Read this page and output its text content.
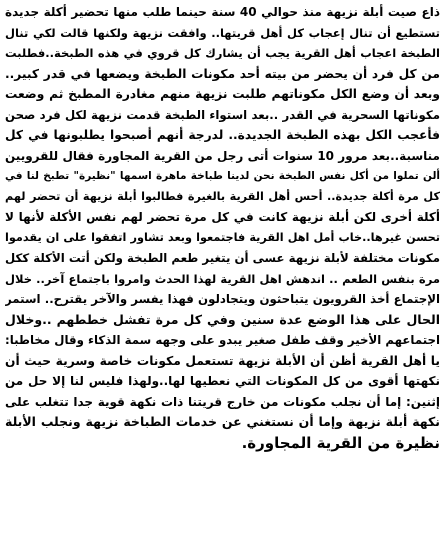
ذاع صيت أبلة نزيهة منذ حوالي 40 سنة حينما طلب منها تحضير أكلة جديدة
تستطيع أن تنال إعجاب كل أهل قريتها.. وافقت نزيهة ولكنها قالت لكي تنال
الطبخة اعجاب أهل القرية يجب أن يشارك كل قروي في هذه الطبخة..فطلبت
من كل فرد أن يحضر من بيته أحد مكونات الطبخة ويضعها في قدر كبير..
وبعد أن وضع الكل مكوناتهم طلبت نزيهة منهم مغادرة المطبخ ثم وضعت
مكوناتها السحرية في القدر ..بعد استواء الطبخة قدمت نزيهة لكل فرد صحن
فأعجب الكل بهذه الطبخة الجديدة.. لدرجة أنهم أصبحوا يطلبونها في كل
مناسبة..بعد مرور 10 سنوات أتى رجل من القرية المجاورة فقال للقرويين
ألن تملوا من أكل نفس الطبخة نحن لدينا طباخة ماهرة اسمها "نظيرة" تطبخ لنا في
كل مرة أكلة جديدة.. أحس أهل القرية بالغيرة فطالبوا أبلة نزيهة أن تحضر لهم
أكلة أخرى لكن أبلة نزيهة كانت في كل مرة تحضر لهم نفس الأكلة لأنها لا
تحسن غيرها..خاب أمل اهل القرية فاجتمعوا وبعد تشاور اتفقوا على ان يقدموا
مكونات مختلفة لأبلة نزيهة عسى أن يتغير طعم الطبخة ولكن أتت الأكلة ككل
مرة بنفس الطعم .. اندهش اهل القرية لهذا الحدث وامروا باجتماع آخر.. خلال
الإجتماع أخذ القرويون يتباحثون ويتجادلون فهذا يفسر والآخر يقترح.. استمر
الحال على هذا الوضع عدة سنين وفي كل مرة تفشل خططهم ..وخلال
اجتماعهم الأخير وقف طفل صغير يبدو على وجهه سمة الذكاء وقال مخاطبا:
يا أهل القرية أظن أن الأبلة نزيهة تستعمل مكونات خاصة وسرية حيث أن
نكهتها أقوى من كل المكونات التي نعطيها لها..ولهذا فليس لنا إلا حل من
إثنين: إما أن نجلب مكونات من خارج قريتنا ذات نكهة قوية جدا تتغلب على
نكهة أبلة نزيهة وإما أن نستغني عن خدمات الطباخة نزيهة ونجلب الأبلة
نظيرة من القرية المجاورة.
